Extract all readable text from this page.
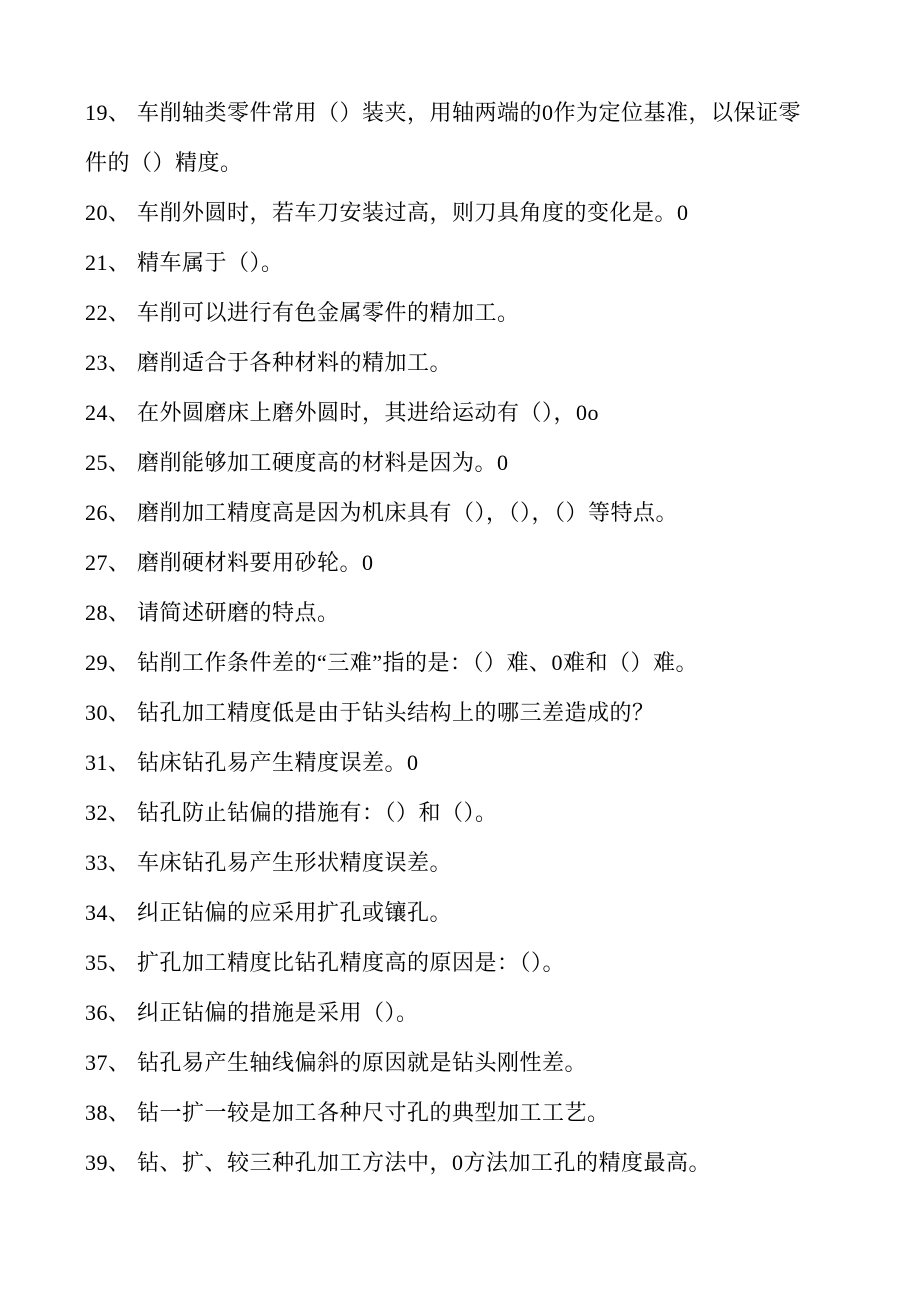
19、 车削轴类零件常用（）装夹，用轴两端的0作为定位基准，以保证零

件的（）精度。

20、 车削外圆时，若车刀安装过高，则刀具角度的变化是。0

21、 精车属于（）。

22、 车削可以进行有色金属零件的精加工。

23、 磨削适合于各种材料的精加工。

24、 在外圆磨床上磨外圆时，其进给运动有（），0o

25、 磨削能够加工硬度高的材料是因为。0

26、 磨削加工精度高是因为机床具有（），（），（）等特点。

27、 磨削硬材料要用砂轮。0

28、 请简述研磨的特点。

29、 钻削工作条件差的“三难”指的是：（）难、0难和（）难。

30、 钻孔加工精度低是由于钻头结构上的哪三差造成的？

31、 钻床钻孔易产生精度误差。0

32、 钻孔防止钻偏的措施有：（）和（）。

33、 车床钻孔易产生形状精度误差。

34、 纠正钻偏的应采用扩孔或镶孔。

35、 扩孔加工精度比钻孔精度高的原因是：（）。

36、 纠正钻偏的措施是采用（）。

37、 钻孔易产生轴线偏斜的原因就是钻头刚性差。

38、 钻一扩一较是加工各种尺寸孔的典型加工工艺。

39、 钻、扩、较三种孔加工方法中，0方法加工孔的精度最高。
